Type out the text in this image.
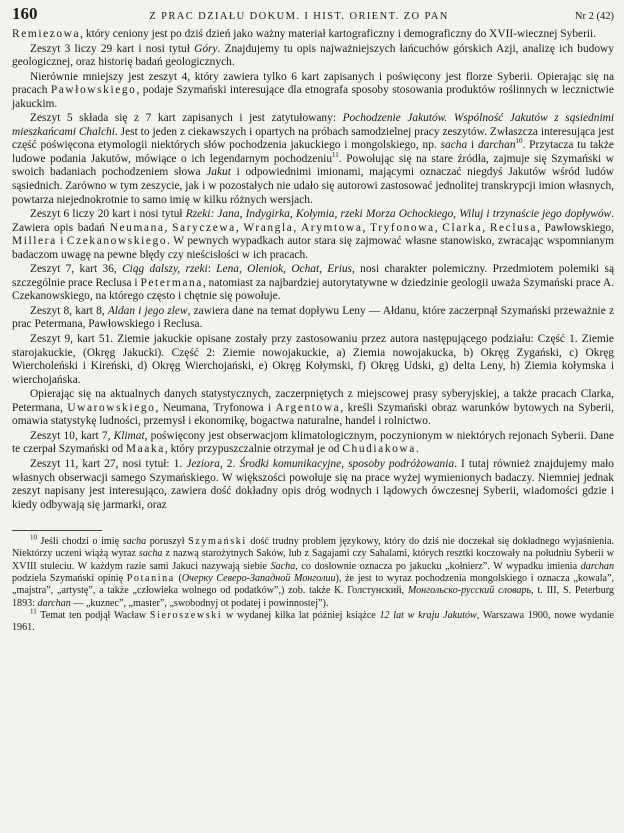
160	Z PRAC DZIAŁU DOKUM. I HIST. ORIENT. ZO PAN	Nr 2 (42)

Remiezowa, który ceniony jest po dziś dzień jako ważny materiał kartograficzny i demograficzny do XVII-wiecznej Syberii.

Zeszyt 3 liczy 29 kart i nosi tytuł Góry. Znajdujemy tu opis najważniejszych łańcuchów górskich Azji, analizę ich budowy geologicznej, oraz historię badań geologicznych.

Nierównie mniejszy jest zeszyt 4, który zawiera tylko 6 kart zapisanych i poświęcony jest florze Syberii. Opierając się na pracach Pawłowskiego, podaje Szymański interesujące dla etnografa sposoby stosowania produktów roślinnych w lecznictwie jakuckim.

Zeszyt 5 składa się z 7 kart zapisanych i jest zatytułowany: Pochodzenie Jakutów. Wspólność Jakutów z sąsiednimi mieszkańcami Chalchi. Jest to jeden z ciekawszych i opartych na próbach samodzielnej pracy zeszytów. Zwłaszcza interesująca jest część poświęcona etymologii niektórych słów pochodzenia jakuckiego i mongolskiego, np. sacha i darchan$^{10}$. Przytacza tu także ludowe podania Jakutów, mówiące o ich legendarnym pochodzeniu$^{11}$. Powołując się na stare źródła, zajmuje się Szymański w swoich badaniach pochodzeniem słowa Jakut i odpowiednimi imionami, mającymi oznaczać niegdyś Jakutów wśród ludów sąsiednich. Zarówno w tym zeszycie, jak i w pozostałych nie udało się autorowi zastosować jednolitej transkrypcji imion własnych, powtarza niejednokrotnie to samo imię w kilku różnych wersjach.

Zeszyt 6 liczy 20 kart i nosi tytuł Rzeki: Jana, Indygirka, Kołymia, rzeki Morza Ochockiego, Wiluj i trzynaście jego dopływów. Zawiera opis badań Neumana, Saryczewa, Wrangla, Arymtowa, Tryfonowa, Clarka, Reclusa, Pawłowskiego, Millera i Czekanowskiego. W pewnych wypadkach autor stara się zajmować własne stanowisko, zwracając wspomnianym badaczom uwagę na pewne błędy czy nieścisłości w ich pracach.

Zeszyt 7, kart 36, Ciąg dalszy, rzeki: Lena, Oleniok, Ochat, Erius, nosi charakter polemiczny. Przedmiotem polemiki są szczególnie prace Reclusa i Petermana, natomiast za najbardziej autorytatywne w dziedzinie geologii uważa Szymański prace A. Czekanowskiego, na którego często i chętnie się powołuje.

Zeszyt 8, kart 8, Aldan i jego zlew, zawiera dane na temat dopływu Leny — Ałdanu, które zaczerpnął Szymański przeważnie z prac Petermana, Pawłowskiego i Reclusa.

Zeszyt 9, kart 51. Ziemie jakuckie opisane zostały przy zastosowaniu przez autora następującego podziału: Część 1. Ziemie starojakuckie, (Okręg Jakucki). Część 2: Ziemie nowojakuckie, a) Ziemia nowojakucka, b) Okręg Zygański, c) Okręg Wiercholeński i Kireński, d) Okręg Wierchojański, e) Okręg Kołymski, f) Okręg Udski, g) delta Leny, h) Ziemia kołymska i wierchojańska.

Opierając się na aktualnych danych statystycznych, zaczerpniętych z miejscowej prasy syberyjskiej, a także pracach Clarka, Petermana, Uwarowskiego, Neumana, Tryfonowa i Argentowa, kreśli Szymański obraz warunków bytowych na Syberii, omawia statystykę ludności, przemysł i ekonomikę, bogactwa naturalne, handel i rolnictwo.

Zeszyt 10, kart 7, Klimat, poświęcony jest obserwacjom klimatologicznym, poczynionym w niektórych rejonach Syberii. Dane te czerpał Szymański od Maaka, który przypuszczalnie otrzymał je od Chudiakowa.

Zeszyt 11, kart 27, nosi tytuł: 1. Jeziora, 2. Środki komunikacyjne, sposoby podróżowania. I tutaj również znajdujemy mało własnych obserwacji samego Szymańskiego. W większości powołuje się na prace wyżej wymienionych badaczy. Niemniej jednak zeszyt napisany jest interesująco, zawiera dość dokładny opis dróg wodnych i lądowych ówczesnej Syberii, wiadomości gdzie i kiedy odbywają się jarmarki, oraz

$^{10}$ Jeśli chodzi o imię sacha poruszył Szymański dość trudny problem językowy, który do dziś nie doczekał się dokładnego wyjaśnienia. Niektórzy uczeni wiążą wyraz sacha z nazwą starożytnych Saków, lub z Sagajami czy Sahalami, których resztki koczowały na południu Syberii w XVIII stuleciu. W każdym razie sami Jakuci nazywają siebie Sacha, co dosłownie oznacza po jakucku „kołnierz”. W wypadku imienia darchan podziela Szymański opinię Potanina (Очерку Северо-Западной Монголии), że jest to wyraz pochodzenia mongolskiego i oznacza „kowala”, „majstra”, „artystę”, a także „człowieka wolnego od podatków”,) zob. także К. Голстунский, Монгольско-русский словарь, t. III, S. Peterburg 1893: darchan — „kuznec”, „master”, „swobodnyj ot podatej i powinnostej”).

$^{11}$ Temat ten podjął Wacław Sieroszewski w wydanej kilka lat później książce 12 lat w kraju Jakutów, Warszawa 1900, nowe wydanie 1961.
